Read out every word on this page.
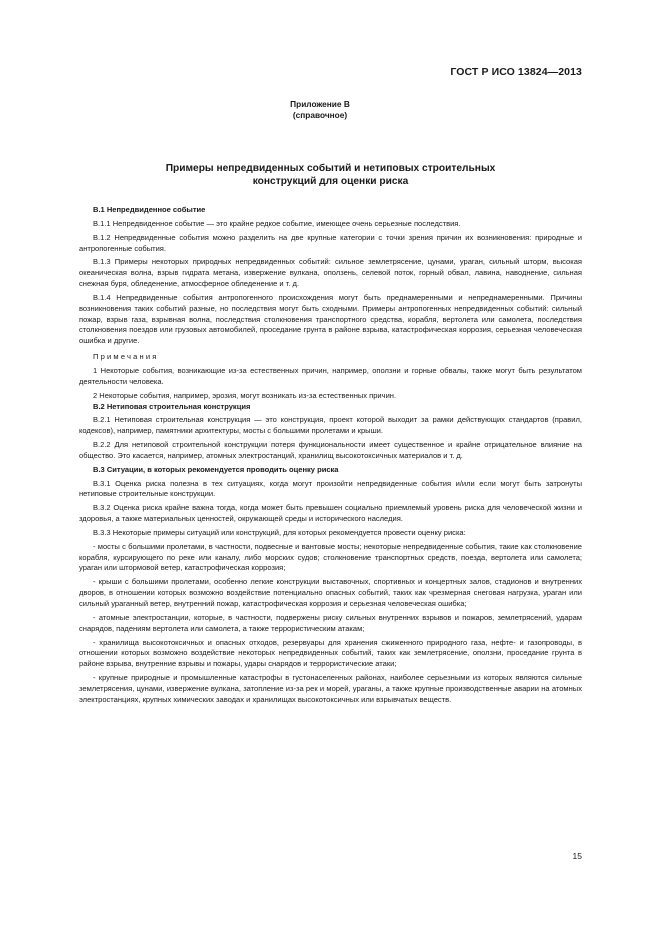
ГОСТ Р ИСО 13824—2013
Приложение В
(справочное)
Примеры непредвиденных событий и нетиповых строительных
конструкций для оценки риска

В.1 Непредвиденное событие

В.1.1 Непредвиденное событие — это крайне редкое событие, имеющее очень серьезные последствия.

В.1.2 Непредвиденные события можно разделить на две крупные категории с точки зрения причин их возникновения: природные и антропогенные события.

В.1.3 Примеры некоторых природных непредвиденных событий: сильное землетрясение, цунами, ураган, сильный шторм, высокая океаническая волна, взрыв гидрата метана, извержение вулкана, оползень, селевой поток, горный обвал, лавина, наводнение, сильная снежная буря, обледенение, атмосферное обледенение и т. д.

В.1.4 Непредвиденные события антропогенного происхождения могут быть преднамеренными и непреднамеренными. Причины возникновения таких событий разные, но последствия могут быть сходными. Примеры антропогенных непредвиденных событий: сильный пожар, взрыв газа, взрывная волна, последствия столкновения транспортного средства, корабля, вертолета или самолета, последствия столкновения поездов или грузовых автомобилей, проседание грунта в районе взрыва, катастрофическая коррозия, серьезная человеческая ошибка и другие.

Примечания

1 Некоторые события, возникающие из-за естественных причин, например, оползни и горные обвалы, также могут быть результатом деятельности человека.

2 Некоторые события, например, эрозия, могут возникать из-за естественных причин.

В.2 Нетиповая строительная конструкция

В.2.1 Нетиповая строительная конструкция — это конструкция, проект которой выходит за рамки действующих стандартов (правил, кодексов), например, памятники архитектуры, мосты с большими пролетами и крыши.

В.2.2 Для нетиповой строительной конструкции потеря функциональности имеет существенное и крайне отрицательное влияние на общество. Это касается, например, атомных электростанций, хранилищ высокотоксичных материалов и т. д.

В.3 Ситуации, в которых рекомендуется проводить оценку риска

В.3.1 Оценка риска полезна в тех ситуациях, когда могут произойти непредвиденные события и/или если могут быть затронуты нетиповые строительные конструкции.

В.3.2 Оценка риска крайне важна тогда, когда может быть превышен социально приемлемый уровень риска для человеческой жизни и здоровья, а также материальных ценностей, окружающей среды и исторического наследия.

В.3.3 Некоторые примеры ситуаций или конструкций, для которых рекомендуется провести оценку риска:

- мосты с большими пролетами, в частности, подвесные и вантовые мосты; некоторые непредвиденные события, такие как столкновение корабля, курсирующего по реке или каналу, либо морских судов; столкновение транспортных средств, поезда, вертолета или самолета; ураган или штормовой ветер, катастрофическая коррозия;

- крыши с большими пролетами, особенно легкие конструкции выставочных, спортивных и концертных залов, стадионов и внутренних дворов, в отношении которых возможно воздействие потенциально опасных событий, таких как чрезмерная снеговая нагрузка, ураган или сильный ураганный ветер, внутренний пожар, катастрофическая коррозия и серьезная человеческая ошибка;

- атомные электростанции, которые, в частности, подвержены риску сильных внутренних взрывов и пожаров, землетрясений, ударам снарядов, падениям вертолета или самолета, а также террористическим атакам;

- хранилища высокотоксичных и опасных отходов, резервуары для хранения сжиженного природного газа, нефте- и газопроводы, в отношении которых возможно воздействие некоторых непредвиденных событий, таких как землетрясение, оползни, проседание грунта в районе взрыва, внутренние взрывы и пожары, удары снарядов и террористические атаки;

- крупные природные и промышленные катастрофы в густонаселенных районах, наиболее серьезными из которых являются сильные землетрясения, цунами, извержение вулкана, затопление из-за рек и морей, ураганы, а также крупные производственные аварии на атомных электростанциях, крупных химических заводах и хранилищах высокотоксичных или взрывчатых веществ.

15
